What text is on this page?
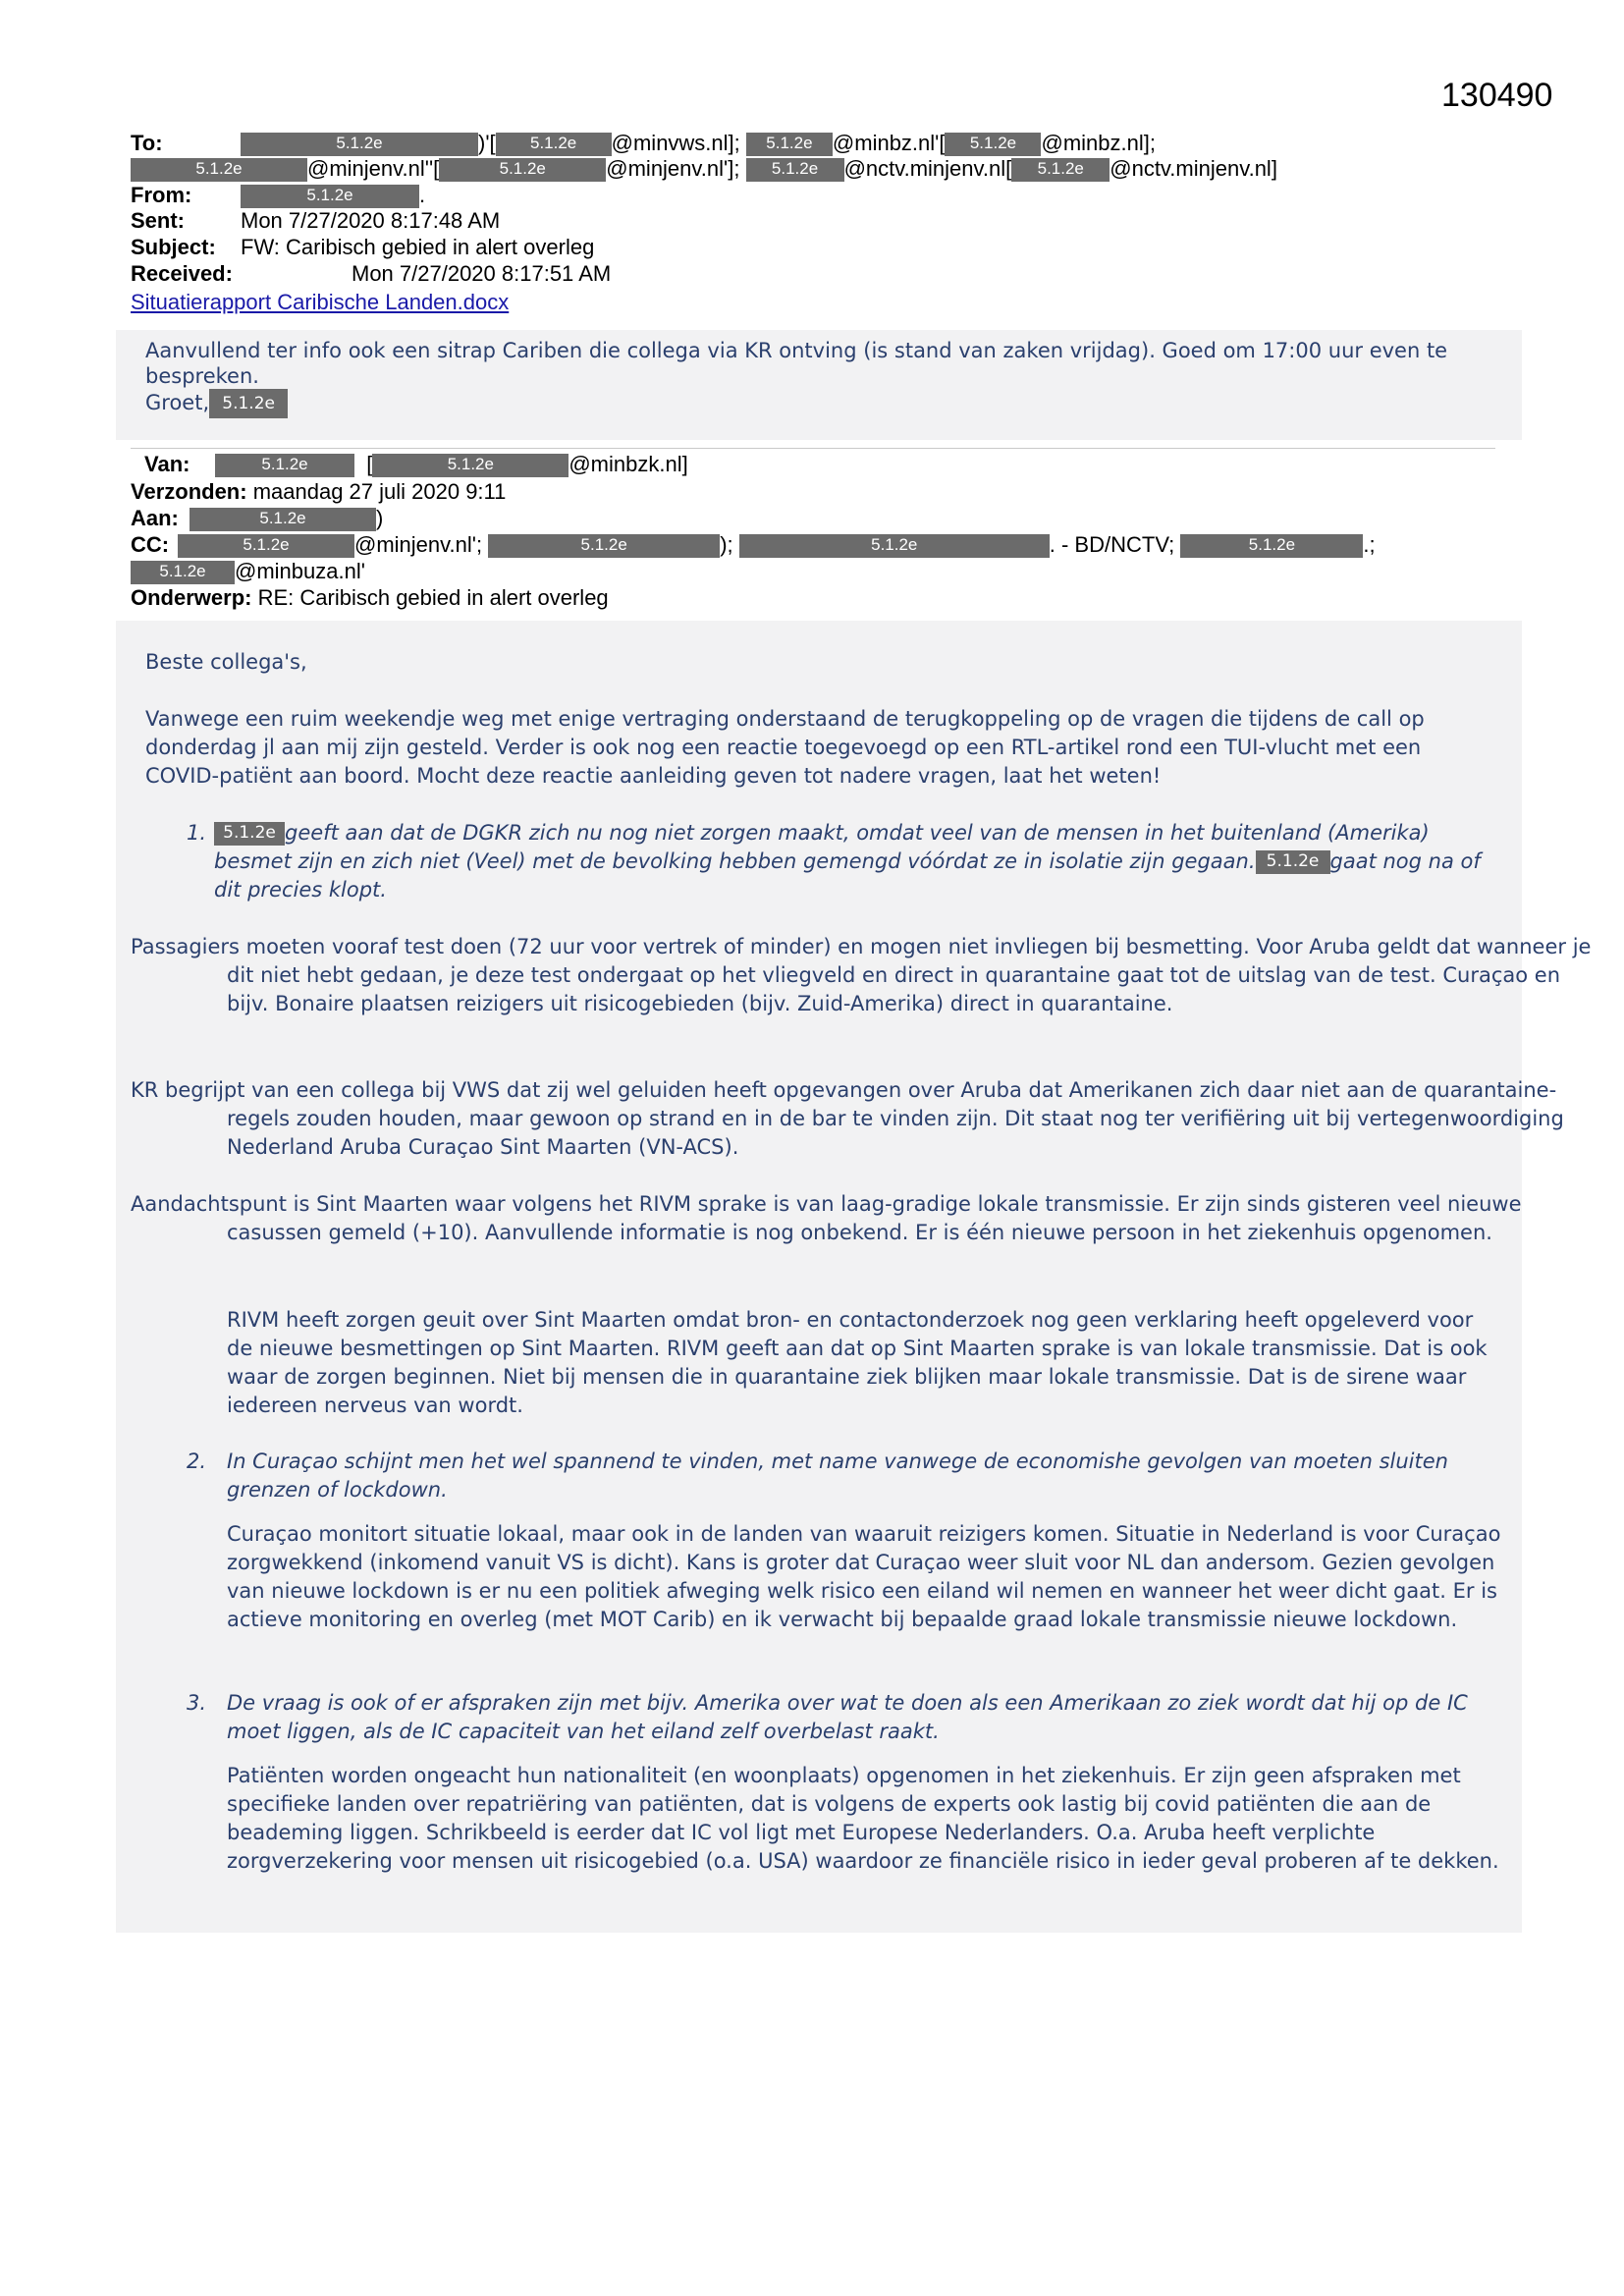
130490
To:	5.1.2e	)'[ 5.1.2e @minvws.nl]; 5.1.2e @minbz.nl'[ 5.1.2e @minbz.nl];
5.1.2e	@minjenv.nl''[	5.1.2e	@minjenv.nl']; 5.1.2e @nctv.minjenv.nl[ 5.1.2e @nctv.minjenv.nl]
From:	5.1.2e	.
Sent:	Mon 7/27/2020 8:17:48 AM
Subject: FW: Caribisch gebied in alert overleg
Received:	Mon 7/27/2020 8:17:51 AM
Situatierapport Caribische Landen.docx

Aanvullend ter info ook een sitrap Cariben die collega via KR ontving (is stand van zaken vrijdag). Goed om 17:00 uur even te bespreken.

Groet, 5.1.2e
Van:	5.1.2e  [	5.1.2e	@minbzk.nl]
Verzonden: maandag 27 juli 2020 9:11
Aan:	5.1.2e	)
CC:	5.1.2e	@minjenv.nl';	5.1.2e	);	5.1.2e	. - BD/NCTV;	5.1.2e	.;
5.1.2e @minbuza.nl'
Onderwerp: RE: Caribisch gebied in alert overleg

Beste collega's,

Vanwege een ruim weekendje weg met enige vertraging onderstaand de terugkoppeling op de vragen die tijdens de call op donderdag jl aan mij zijn gesteld. Verder is ook nog een reactie toegevoegd op een RTL-artikel rond een TUI-vlucht met een COVID-patiënt aan boord. Mocht deze reactie aanleiding geven tot nadere vragen, laat het weten!

1.	5.1.2e geeft aan dat de DGKR zich nu nog niet zorgen maakt, omdat veel van de mensen in het buitenland (Amerika) besmet zijn en zich niet (Veel) met de bevolking hebben gemengd vóórdat ze in isolatie zijn gegaan. 5.1.2e gaat nog na of dit precies klopt.

Passagiers moeten vooraf test doen (72 uur voor vertrek of minder) en mogen niet invliegen bij besmetting. Voor Aruba geldt dat wanneer je dit niet hebt gedaan, je deze test ondergaat op het vliegveld en direct in quarantaine gaat tot de uitslag van de test. Curaçao en bijv. Bonaire plaatsen reizigers uit risicogebieden (bijv. Zuid-Amerika) direct in quarantaine.

KR begrijpt van een collega bij VWS dat zij wel geluiden heeft opgevangen over Aruba dat Amerikanen zich daar niet aan de quarantaine-regels zouden houden, maar gewoon op strand en in de bar te vinden zijn. Dit staat nog ter verifiëring uit bij vertegenwoordiging Nederland Aruba Curaçao Sint Maarten (VN-ACS).

Aandachtspunt is Sint Maarten waar volgens het RIVM sprake is van laag-gradige lokale transmissie. Er zijn sinds gisteren veel nieuwe casussen gemeld (+10). Aanvullende informatie is nog onbekend. Er is één nieuwe persoon in het ziekenhuis opgenomen.

RIVM heeft zorgen geuit over Sint Maarten omdat bron- en contactonderzoek nog geen verklaring heeft opgeleverd voor de nieuwe besmettingen op Sint Maarten. RIVM geeft aan dat op Sint Maarten sprake is van lokale transmissie. Dat is ook waar de zorgen beginnen. Niet bij mensen die in quarantaine ziek blijken maar lokale transmissie. Dat is de sirene waar iedereen nerveus van wordt.

2. In Curaçao schijnt men het wel spannend te vinden, met name vanwege de economishe gevolgen van moeten sluiten grenzen of lockdown.

Curaçao monitort situatie lokaal, maar ook in de landen van waaruit reizigers komen. Situatie in Nederland is voor Curaçao zorgwekkend (inkomend vanuit VS is dicht). Kans is groter dat Curaçao weer sluit voor NL dan andersom. Gezien gevolgen van nieuwe lockdown is er nu een politiek afweging welk risico een eiland wil nemen en wanneer het weer dicht gaat. Er is actieve monitoring en overleg (met MOT Carib) en ik verwacht bij bepaalde graad lokale transmissie nieuwe lockdown.

3. De vraag is ook of er afspraken zijn met bijv. Amerika over wat te doen als een Amerikaan zo ziek wordt dat hij op de IC moet liggen, als de IC capaciteit van het eiland zelf overbelast raakt.

Patiënten worden ongeacht hun nationaliteit (en woonplaats) opgenomen in het ziekenhuis. Er zijn geen afspraken met specifieke landen over repatriëring van patiënten, dat is volgens de experts ook lastig bij covid patiënten die aan de beademing liggen. Schrikbeeld is eerder dat IC vol ligt met Europese Nederlanders. O.a. Aruba heeft verplichte zorgverzekering voor mensen uit risicogebied (o.a. USA) waardoor ze financiële risico in ieder geval proberen af te dekken.
